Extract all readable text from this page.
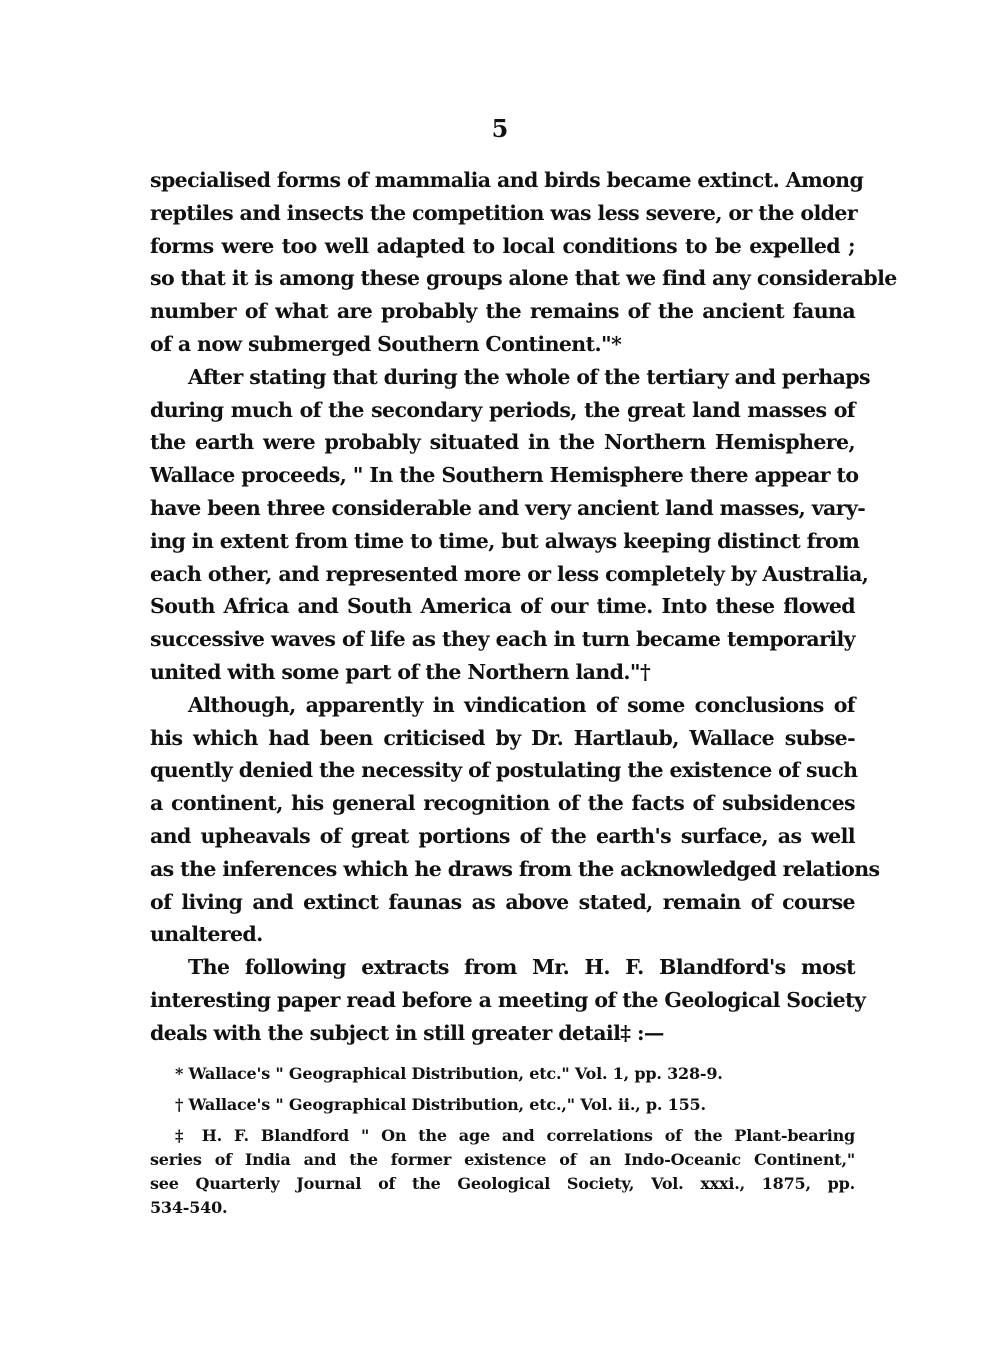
5
specialised forms of mammalia and birds became extinct. Among
reptiles and insects the competition was less severe, or the older
forms were too well adapted to local conditions to be expelled ;
so that it is among these groups alone that we find any considerable
number of what are probably the remains of the ancient fauna
of a now submerged Southern Continent."*
After stating that during the whole of the tertiary and perhaps
during much of the secondary periods, the great land masses of
the earth were probably situated in the Northern Hemisphere,
Wallace proceeds, " In the Southern Hemisphere there appear to
have been three considerable and very ancient land masses, vary-
ing in extent from time to time, but always keeping distinct from
each other, and represented more or less completely by Australia,
South Africa and South America of our time. Into these flowed
successive waves of life as they each in turn became temporarily
united with some part of the Northern land."†
Although, apparently in vindication of some conclusions of
his which had been criticised by Dr. Hartlaub, Wallace subse-
quently denied the necessity of postulating the existence of such
a continent, his general recognition of the facts of subsidences
and upheavals of great portions of the earth's surface, as well
as the inferences which he draws from the acknowledged relations
of living and extinct faunas as above stated, remain of course
unaltered.
The following extracts from Mr. H. F. Blandford's most
interesting paper read before a meeting of the Geological Society
deals with the subject in still greater detail‡ :—
* Wallace's " Geographical Distribution, etc." Vol. 1, pp. 328-9.
† Wallace's " Geographical Distribution, etc.," Vol. ii., p. 155.
‡ H. F. Blandford " On the age and correlations of the Plant-bearing
series of India and the former existence of an Indo-Oceanic Continent,"
see Quarterly Journal of the Geological Society, Vol. xxxi., 1875, pp.
534-540.
